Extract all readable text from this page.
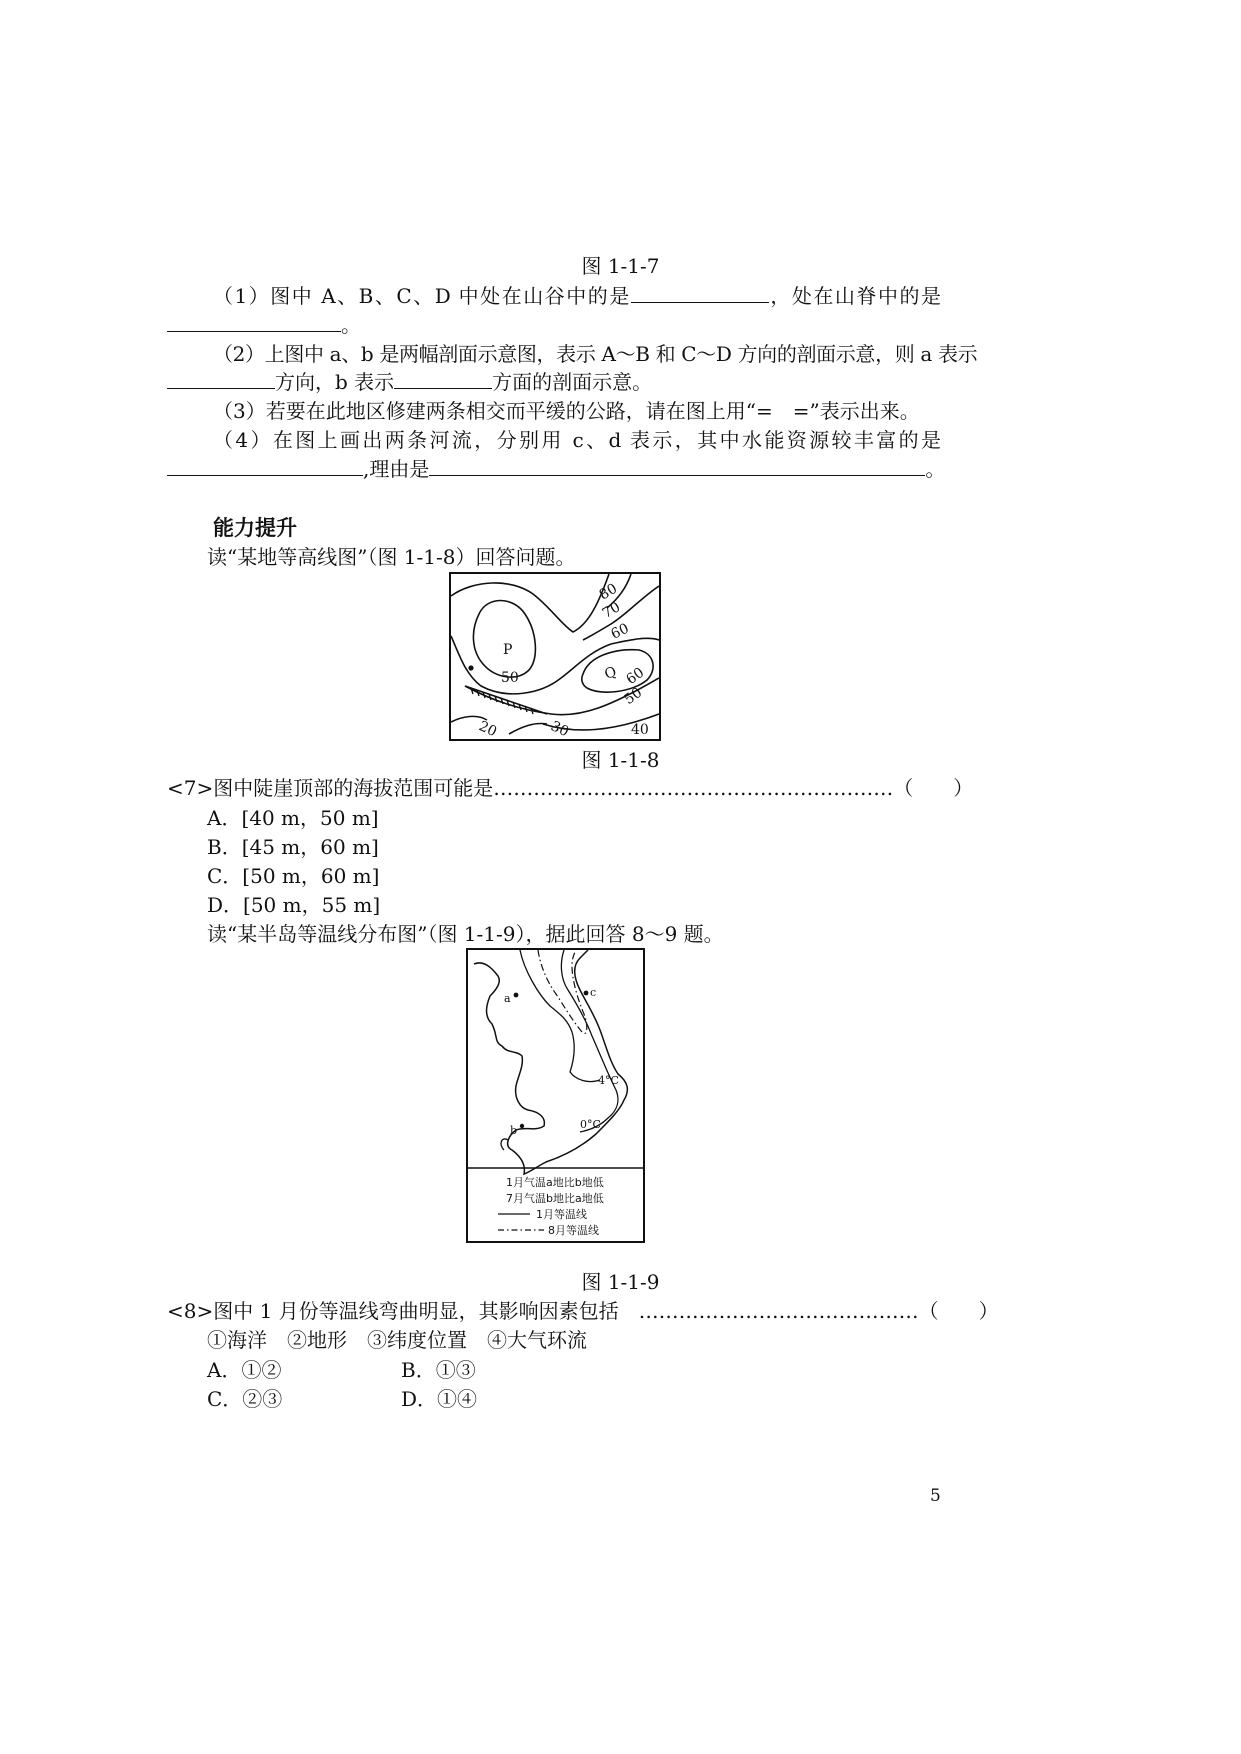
图 1-1-7
（1）图中 A、B、C、D 中处在山谷中的是	，处在山脊中的是
。
（2）上图中 a、b 是两幅剖面示意图，表示 A～B 和 C～D 方向的剖面示意，则 a 表示
方向，b 表示	方面的剖面示意。
（3）若要在此地区修建两条相交而平缓的公路，请在图上用“=　=”表示出来。
（4）在图上画出两条河流，分别用 c、d 表示，其中水能资源较丰富的是
,理由是	。
能力提升
读“某地等高线图”（图 1-1-8）回答问题。
80
70
60
P
50	Q 60
50
40
30
20
图 1-1-8
<7>图中陡崖顶部的海拔范围可能是……………………………………………………（　　）
A．[40 m，50 m]
B．[45 m，60 m]
C．[50 m，60 m]
D．[50 m，55 m]
读“某半岛等温线分布图”（图 1-1-9），据此回答 8～9 题。
a	c
b
4°C
0°C
1月气温a地比b地低
7月气温b地比a地低
1月等温线
8月等温线
图 1-1-9
<8>图中 1 月份等温线弯曲明显，其影响因素包括　……………………………………（　　）
①海洋　②地形　③纬度位置　④大气环流
A．①②	B．①③
C．②③	D．①④
5
